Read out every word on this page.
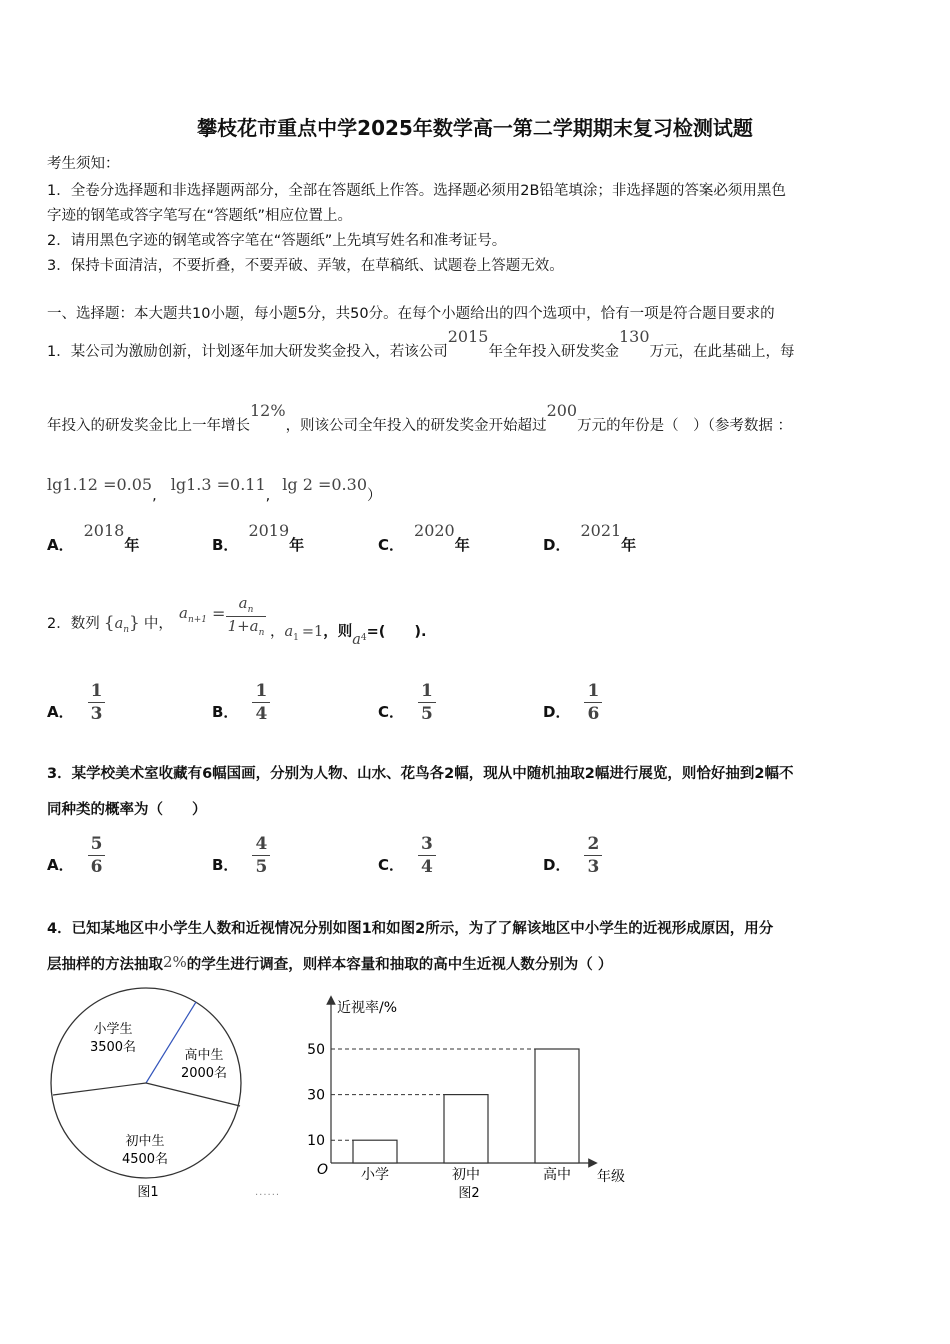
攀枝花市重点中学2025年数学高一第二学期期末复习检测试题
考生须知：
1．全卷分选择题和非选择题两部分，全部在答题纸上作答。选择题必须用2B铅笔填涂；非选择题的答案必须用黑色
字迹的钢笔或答字笔写在“答题纸”相应位置上。
2．请用黑色字迹的钢笔或答字笔在“答题纸”上先填写姓名和准考证号。
3．保持卡面清洁，不要折叠，不要弄破、弄皱，在草稿纸、试题卷上答题无效。
一、选择题：本大题共10小题，每小题5分，共50分。在每个小题给出的四个选项中，恰有一项是符合题目要求的
1．某公司为激励创新，计划逐年加大研发奖金投入，若该公司2015年全年投入研发奖金130万元，在此基础上，每
年投入的研发奖金比上一年增长12%，则该公司全年投入的研发奖金开始超过200万元的年份是（　）（参考数据 ：
lg1.12 =0.05,lg1.3 =0.11,lg 2 =0.30）
A．2018年	B．2019年	C．2020年	D．2021年
2．数列 $\{a_n\}$ 中，
$a_{n+1}$ =
$a_n$
$1+a_n$ ，$a_1 =1$，则$a_4=$(　　).
A． $\frac{1}{3}$	B． $\frac{1}{4}$	C． $\frac{1}{5}$	D． $\frac{1}{6}$
3．某学校美术室收藏有6幅国画，分别为人物、山水、花鸟各2幅，现从中随机抽取2幅进行展览，则恰好抽到2幅不
同种类的概率为（　　）
A． $\frac{5}{6}$	B． $\frac{4}{5}$	C． $\frac{3}{4}$	D． $\frac{2}{3}$
4．已知某地区中小学生人数和近视情况分别如图1和如图2所示，为了了解该地区中小学生的近视形成原因，用分
层抽样的方法抽取2%的学生进行调查，则样本容量和抽取的高中生近视人数分别为（ ）
小学生
3500名
高中生
2000名
初中生
4500名
图1	......
近视率/%
年级
O
图2
10
小学
30
初中
50
高中
